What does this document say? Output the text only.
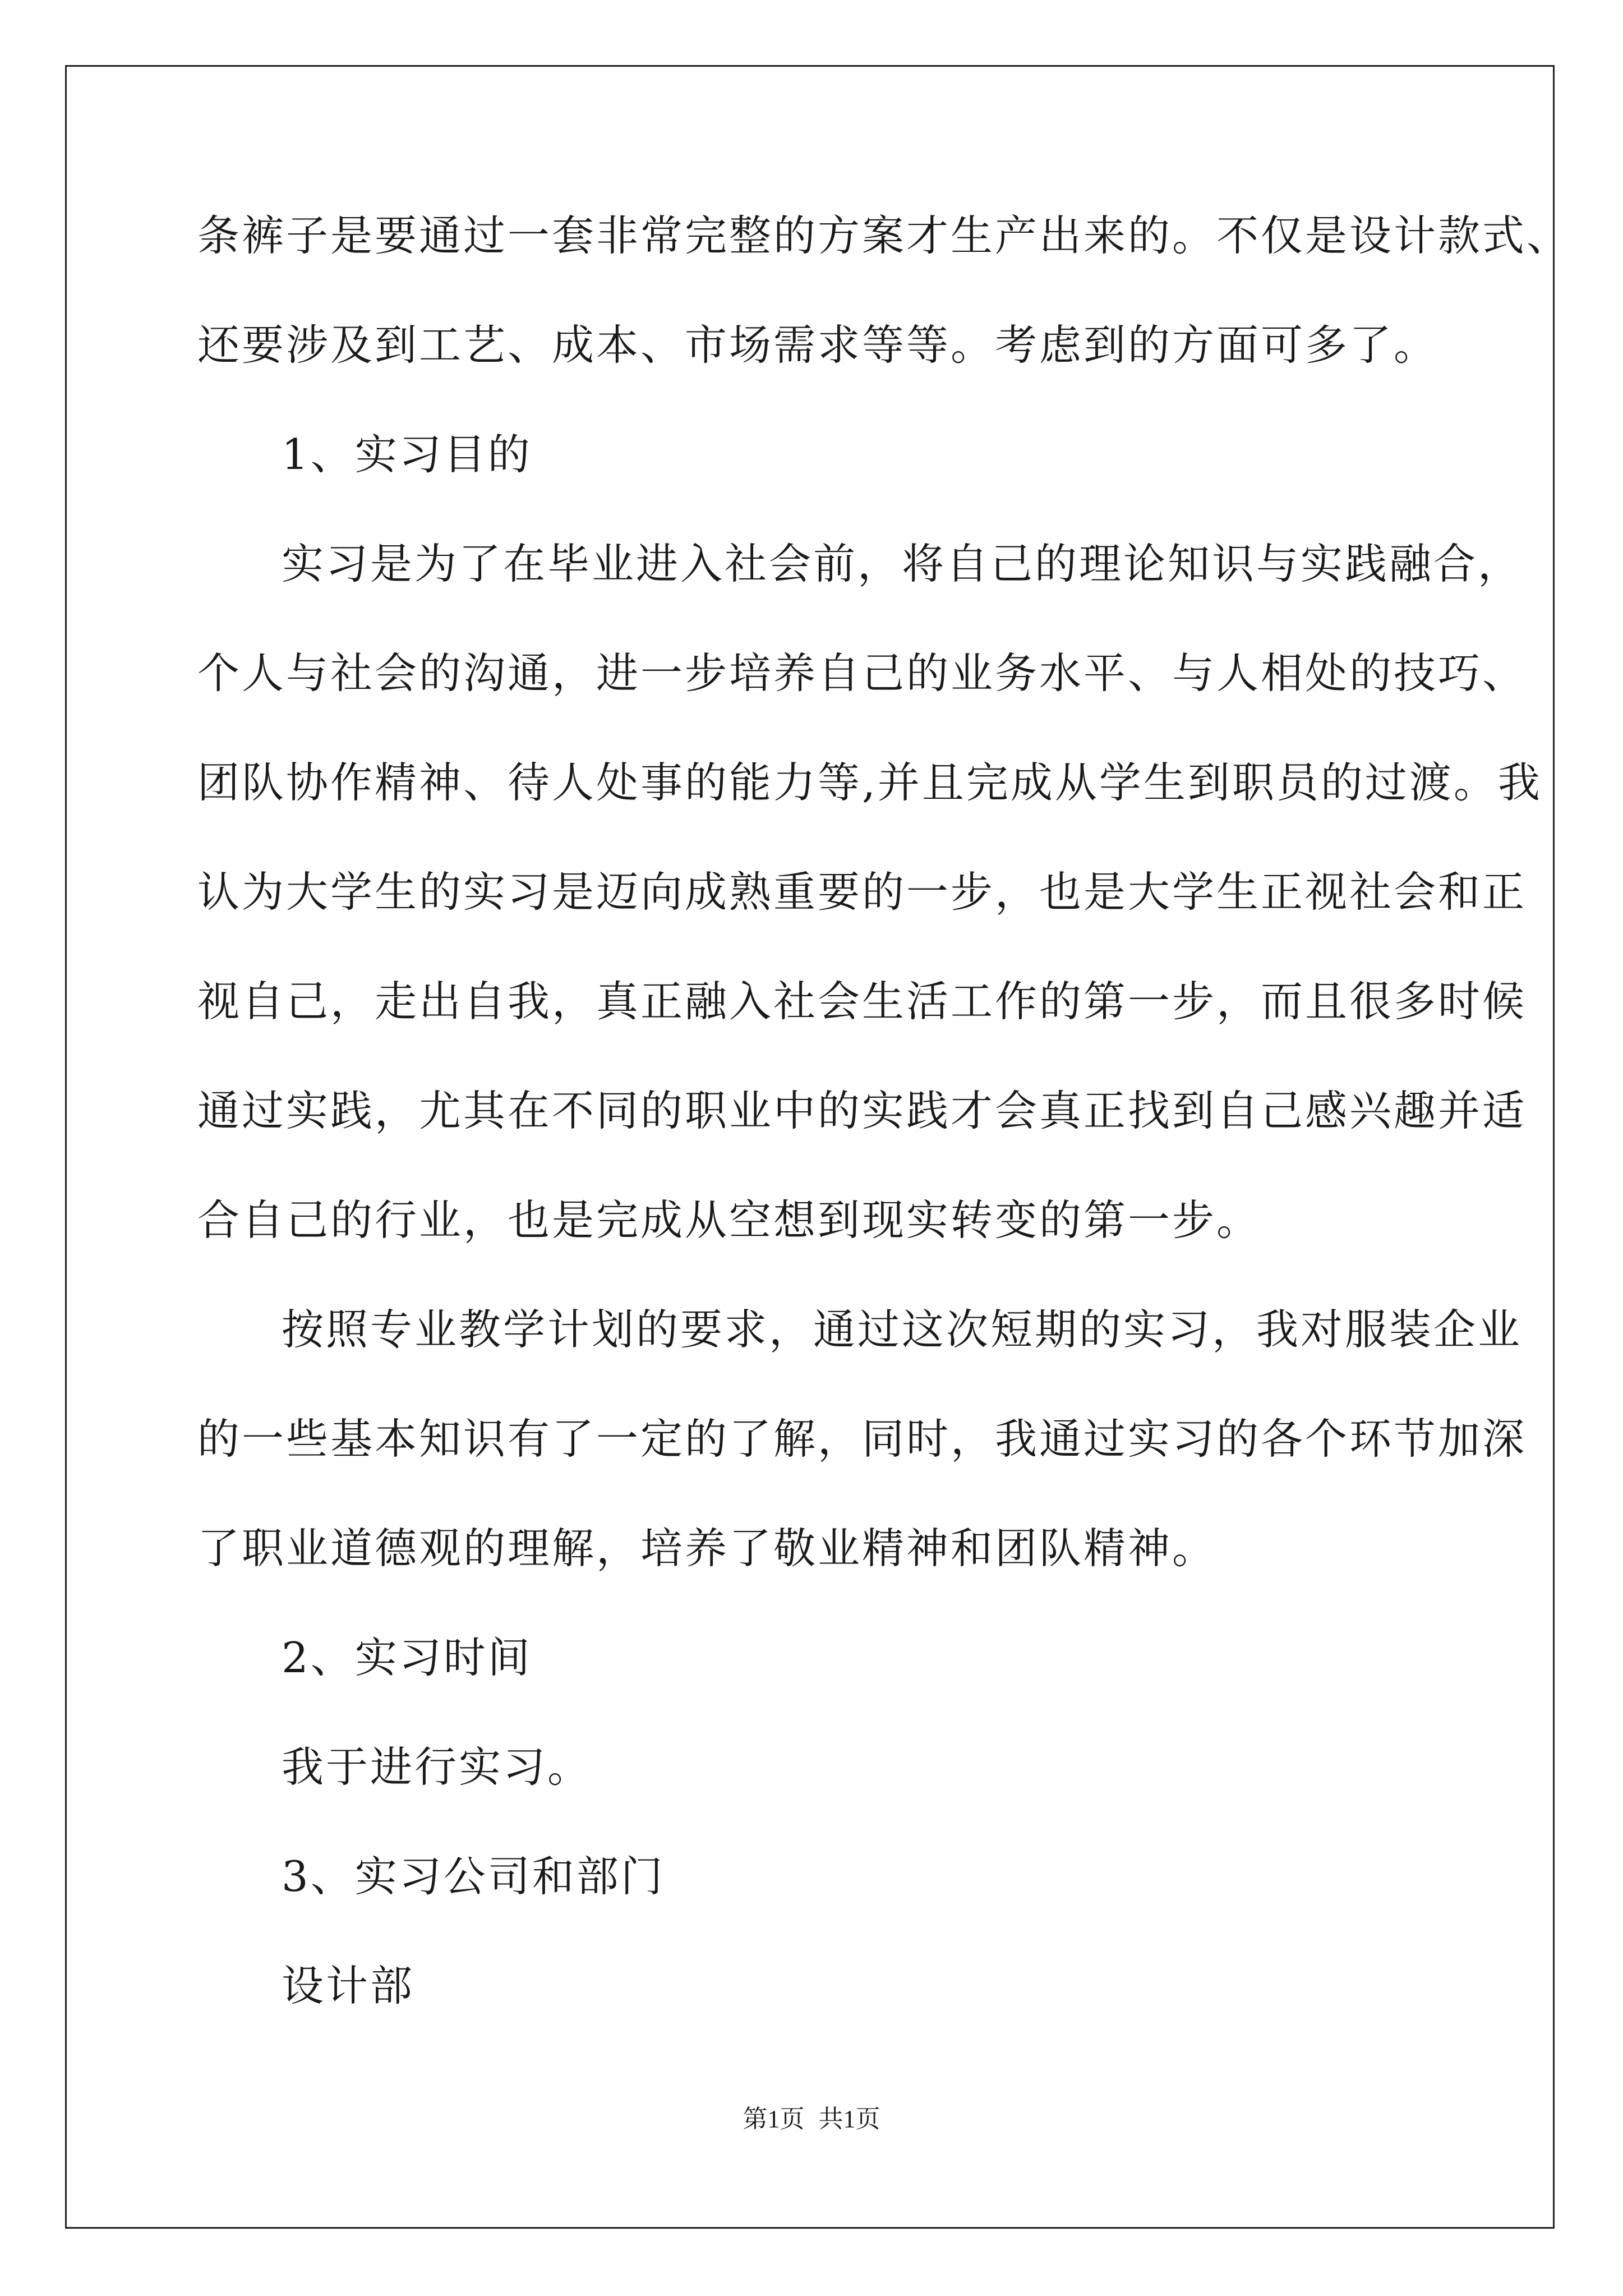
条裤子是要通过一套非常完整的方案才生产出来的。不仅是设计款式、
还要涉及到工艺、成本、市场需求等等。考虑到的方面可多了。
1、实习目的
实习是为了在毕业进入社会前，将自己的理论知识与实践融合，
个人与社会的沟通，进一步培养自己的业务水平、与人相处的技巧、
团队协作精神、待人处事的能力等,并且完成从学生到职员的过渡。我
认为大学生的实习是迈向成熟重要的一步，也是大学生正视社会和正
视自己，走出自我，真正融入社会生活工作的第一步，而且很多时候
通过实践，尤其在不同的职业中的实践才会真正找到自己感兴趣并适
合自己的行业，也是完成从空想到现实转变的第一步。
按照专业教学计划的要求，通过这次短期的实习，我对服装企业
的一些基本知识有了一定的了解，同时，我通过实习的各个环节加深
了职业道德观的理解，培养了敬业精神和团队精神。
2、实习时间
我于进行实习。
3、实习公司和部门
设计部
第1页 共1页
